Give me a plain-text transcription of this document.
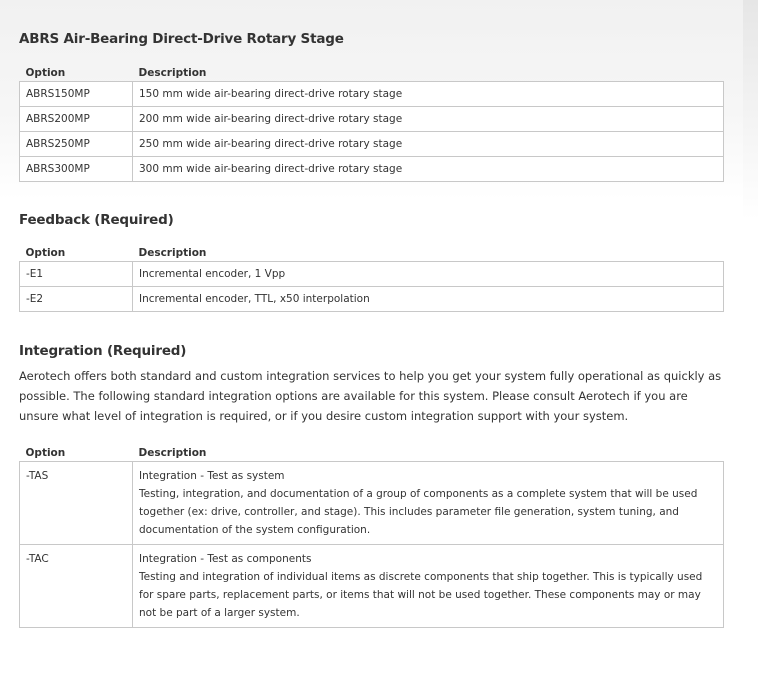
ABRS Air-Bearing Direct-Drive Rotary Stage
Option	Description
ABRS150MP	150 mm wide air-bearing direct-drive rotary stage
ABRS200MP	200 mm wide air-bearing direct-drive rotary stage
ABRS250MP	250 mm wide air-bearing direct-drive rotary stage
ABRS300MP	300 mm wide air-bearing direct-drive rotary stage
Feedback (Required)
Option	Description
-E1	Incremental encoder, 1 Vpp
-E2	Incremental encoder, TTL, x50 interpolation
Integration (Required)

Aerotech offers both standard and custom integration services to help you get your system fully operational as quickly as possible. The following standard integration options are available for this system. Please consult Aerotech if you are unsure what level of integration is required, or if you desire custom integration support with your system.

Option	Description
-TAS	Integration - Test as system
Testing, integration, and documentation of a group of components as a complete system that will be used together (ex: drive, controller, and stage). This includes parameter file generation, system tuning, and documentation of the system configuration.

-TAC	Integration - Test as components
Testing and integration of individual items as discrete components that ship together. This is typically used for spare parts, replacement parts, or items that will not be used together. These components may or may not be part of a larger system.
